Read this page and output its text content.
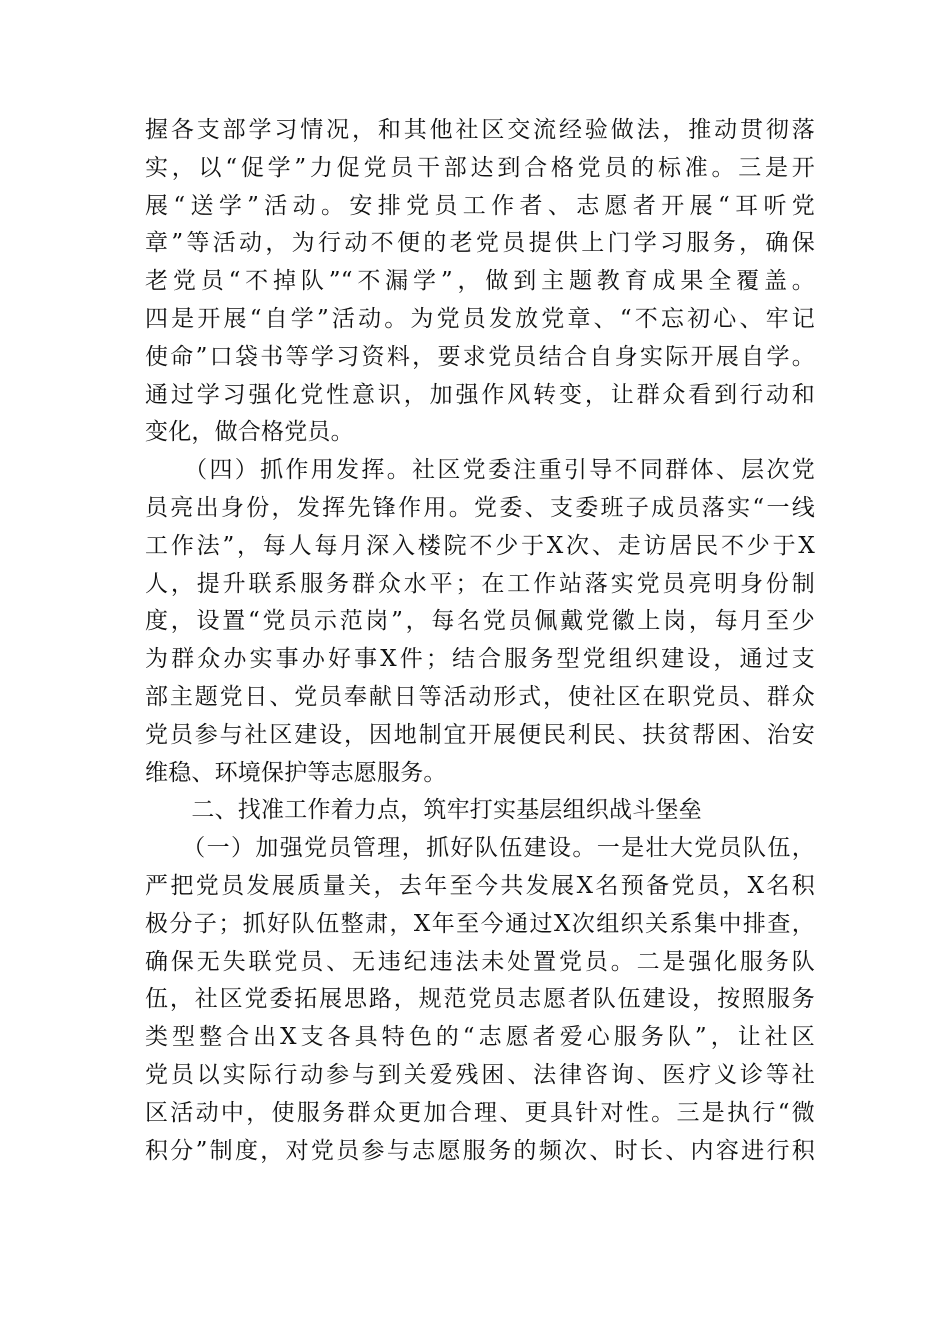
握各支部学习情况，和其他社区交流经验做法，推动贯彻落
实，以“促学”力促党员干部达到合格党员的标准。三是开
展“送学”活动。安排党员工作者、志愿者开展“耳听党
章”等活动，为行动不便的老党员提供上门学习服务，确保
老党员“不掉队”“不漏学”，做到主题教育成果全覆盖。
四是开展“自学”活动。为党员发放党章、“不忘初心、牢记
使命”口袋书等学习资料，要求党员结合自身实际开展自学。
通过学习强化党性意识，加强作风转变，让群众看到行动和
变化，做合格党员。
　　（四）抓作用发挥。社区党委注重引导不同群体、层次党
员亮出身份，发挥先锋作用。党委、支委班子成员落实“一线
工作法”，每人每月深入楼院不少于X次、走访居民不少于X
人，提升联系服务群众水平；在工作站落实党员亮明身份制
度，设置“党员示范岗”，每名党员佩戴党徽上岗，每月至少
为群众办实事办好事X件；结合服务型党组织建设，通过支
部主题党日、党员奉献日等活动形式，使社区在职党员、群众
党员参与社区建设，因地制宜开展便民利民、扶贫帮困、治安
维稳、环境保护等志愿服务。
　　二、找准工作着力点，筑牢打实基层组织战斗堡垒
　　（一）加强党员管理，抓好队伍建设。一是壮大党员队伍，
严把党员发展质量关，去年至今共发展X名预备党员，X名积
极分子；抓好队伍整肃，X年至今通过X次组织关系集中排查，
确保无失联党员、无违纪违法未处置党员。二是强化服务队
伍，社区党委拓展思路，规范党员志愿者队伍建设，按照服务
类型整合出X支各具特色的“志愿者爱心服务队”，让社区
党员以实际行动参与到关爱残困、法律咨询、医疗义诊等社
区活动中，使服务群众更加合理、更具针对性。三是执行“微
积分”制度，对党员参与志愿服务的频次、时长、内容进行积
